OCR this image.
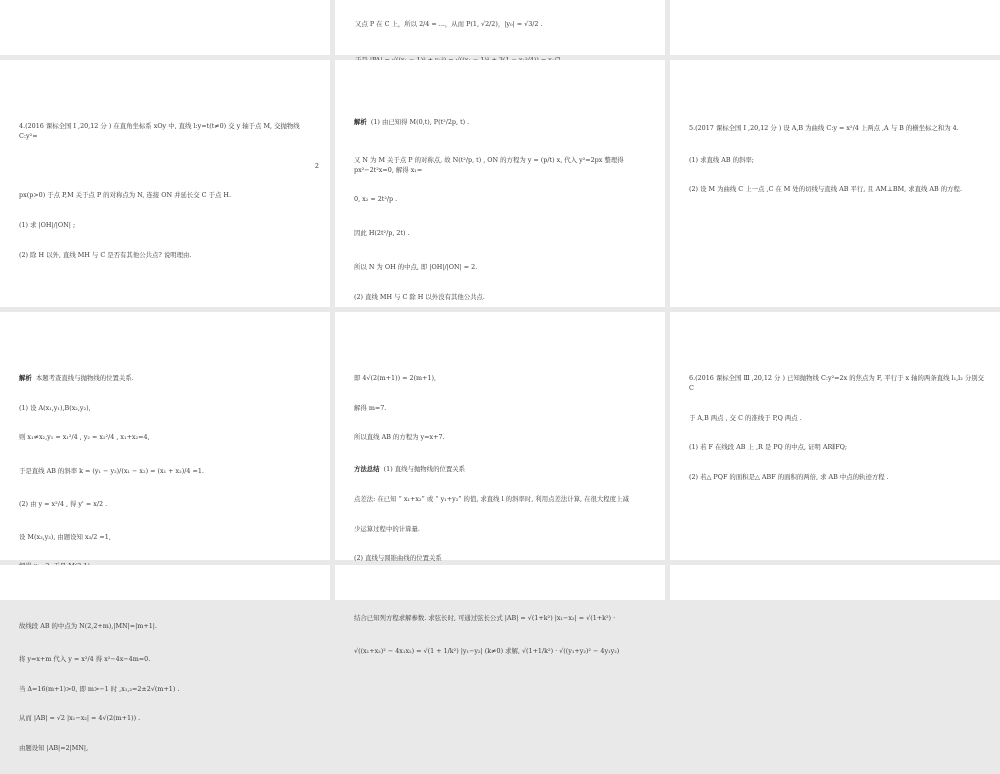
又点 P 在 C 上，所以 2/4 = ...，从而 P(1, √2/2)，|y₀| = √3/2 .

4.(2016 课标全国 Ⅰ ,20,12 分 ) 在直角坐标系 xOy 中, 直线 l:y=t(t≠0) 交 y 轴于点 M, 交抛物线 C:y²=

2

px(p>0) 于点 P,M 关于点 P 的对称点为 N, 连接 ON 并延长交 C 于点 H.

(1) 求 |OH|/|ON| ;

(2) 除 H 以外, 直线 MH 与 C 是否有其他公共点? 说明理由.

解析 (1) 由已知得 M(0,t), P(t²/2p, t) .

又 N 为 M 关于点 P 的对称点, 故 N(t²/p, t) , ON 的方程为 y = (p/t) x, 代入 y²=2px 整理得 px²−2t²x=0, 解得 x₁=

0, x₂ = 2t²/p .

因此 H(2t²/p, 2t) .

所以 N 为 OH 的中点, 即 |OH|/|ON| = 2.

(2) 直线 MH 与 C 除 H 以外没有其他公共点.

5.(2017 课标全国 Ⅰ ,20,12 分 ) 设 A,B 为曲线 C:y = x²/4 上两点 ,A 与 B 的横坐标之和为 4.

(1) 求直线 AB 的斜率;

(2) 设 M 为曲线 C 上一点 ,C 在 M 处的切线与直线 AB 平行, 且 AM⊥BM, 求直线 AB 的方程.

解析 本题考查直线与抛物线的位置关系.

(1) 设 A(x₁,y₁),B(x₂,y₂),

则 x₁≠x₂,y₁ = x₁²/4 , y₂ = x₂²/4 , x₁+x₂=4,

于是直线 AB 的斜率 k = (y₁ − y₂)/(x₁ − x₂) = (x₁ + x₂)/4 =1.

(2) 由 y = x²/4 , 得 y' = x/2 .

设 M(x₃,y₃), 由题设知 x₃/2 =1,

故线段 AB 的中点为 N(2,2+m),|MN|=|m+1|.

将 y=x+m 代入 y = x²/4 得 x²−4x−4m=0.

当 Δ=16(m+1)>0, 即 m>−1 时 ,x₁,₂=2±2√(m+1) .

从而 |AB| = √2 |x₁−x₂| = 4√(2(m+1)) .

由题设知 |AB|=2|MN|,

即 4√(2(m+1)) = 2(m+1),

解得 m=7.

所以直线 AB 的方程为 y=x+7.

方法总结 (1) 直线与抛物线的位置关系

点差法: 在已知 “ x₁+x₂” 或 “ y₁+y₂” 的值, 求直线 l 的斜率时, 利用点差法计算, 在很大程度上减

少运算过程中的计算量.

(2) 直线与圆锥曲线的位置关系

结合已知列方程求解参数. 求弦长时, 可通过弦长公式 |AB| = √(1+k²) |x₁−x₂| = √(1+k²) ·

√((x₁+x₂)² − 4x₁x₂) = √(1 + 1/k²) |y₁−y₂| (k≠0) 求解, √(1+1/k²) · √((y₁+y₂)² − 4y₁y₂)

6.(2016 课标全国 Ⅲ ,20,12 分 ) 已知抛物线 C:y²=2x 的焦点为 F, 平行于 x 轴的两条直线 l₁,l₂ 分别交 C

于 A,B 两点 , 交 C 的准线于 P,Q 两点 .

(1) 若 F 在线段 AB 上 ,R 是 PQ 的中点, 证明 AR∥FQ;

(2) 若△ PQF 的面积是△ ABF 的面积的两倍, 求 AB 中点的轨迹方程 .
